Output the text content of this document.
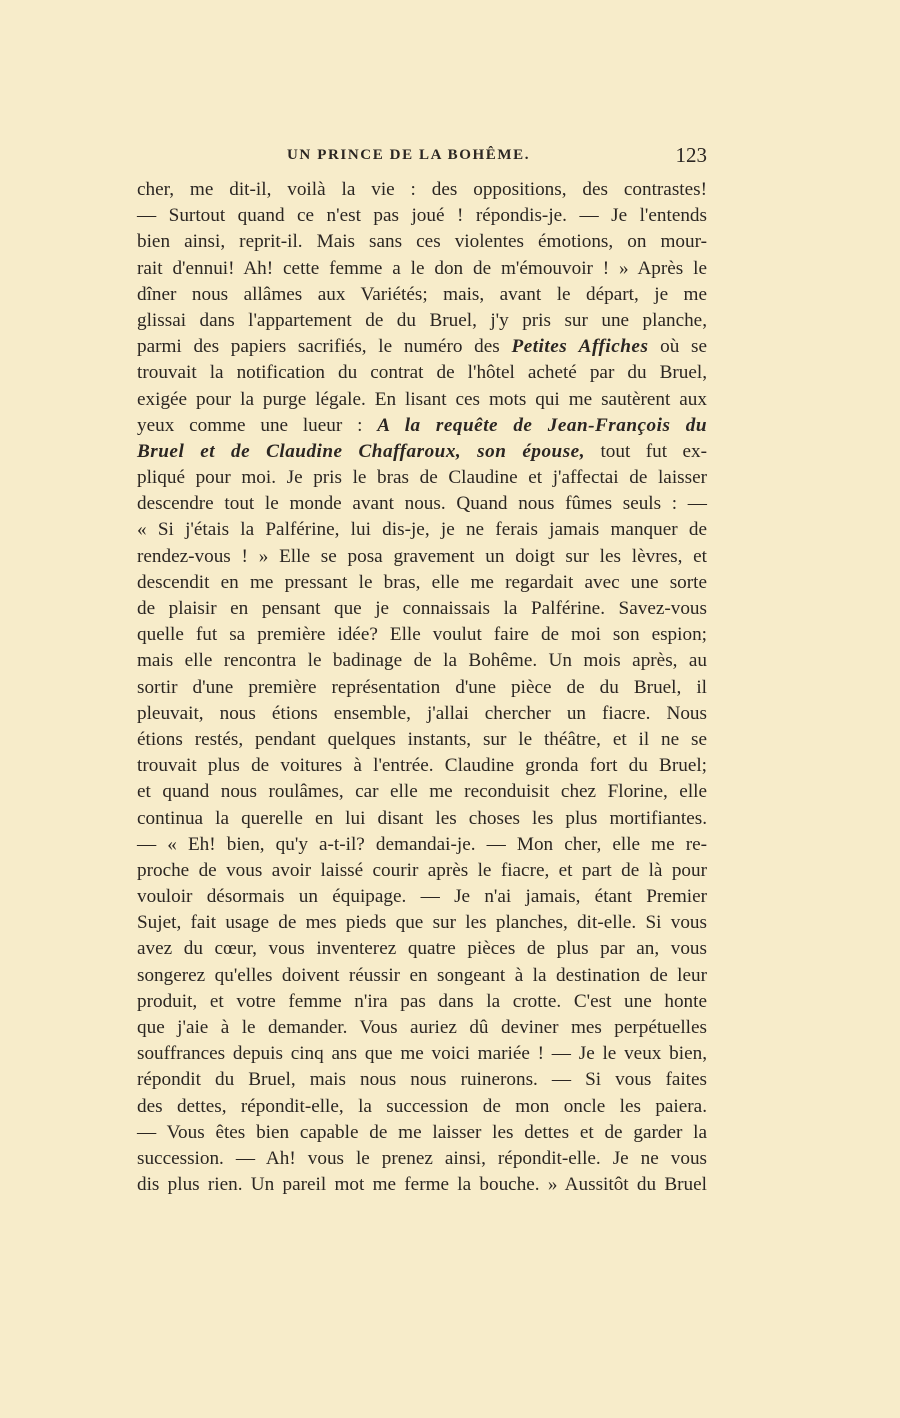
UN PRINCE DE LA BOHÊME.	123
cher, me dit-il, voilà la vie : des oppositions, des contrastes!
— Surtout quand ce n'est pas joué ! répondis-je. — Je l'entends
bien ainsi, reprit-il. Mais sans ces violentes émotions, on mour-
rait d'ennui! Ah! cette femme a le don de m'émouvoir ! » Après le
dîner nous allâmes aux Variétés; mais, avant le départ, je me
glissai dans l'appartement de du Bruel, j'y pris sur une planche,
parmi des papiers sacrifiés, le numéro des Petites Affiches où se
trouvait la notification du contrat de l'hôtel acheté par du Bruel,
exigée pour la purge légale. En lisant ces mots qui me sautèrent aux
yeux comme une lueur : A la requête de Jean-François du
Bruel et de Claudine Chaffaroux, son épouse, tout fut ex-
pliqué pour moi. Je pris le bras de Claudine et j'affectai de laisser
descendre tout le monde avant nous. Quand nous fûmes seuls : —
« Si j'étais la Palférine, lui dis-je, je ne ferais jamais manquer de
rendez-vous ! » Elle se posa gravement un doigt sur les lèvres, et
descendit en me pressant le bras, elle me regardait avec une sorte
de plaisir en pensant que je connaissais la Palférine. Savez-vous
quelle fut sa première idée? Elle voulut faire de moi son espion;
mais elle rencontra le badinage de la Bohême. Un mois après, au
sortir d'une première représentation d'une pièce de du Bruel, il
pleuvait, nous étions ensemble, j'allai chercher un fiacre. Nous
étions restés, pendant quelques instants, sur le théâtre, et il ne se
trouvait plus de voitures à l'entrée. Claudine gronda fort du Bruel;
et quand nous roulâmes, car elle me reconduisit chez Florine, elle
continua la querelle en lui disant les choses les plus mortifiantes.
— « Eh! bien, qu'y a-t-il? demandai-je. — Mon cher, elle me re-
proche de vous avoir laissé courir après le fiacre, et part de là pour
vouloir désormais un équipage. — Je n'ai jamais, étant Premier
Sujet, fait usage de mes pieds que sur les planches, dit-elle. Si vous
avez du cœur, vous inventerez quatre pièces de plus par an, vous
songerez qu'elles doivent réussir en songeant à la destination de leur
produit, et votre femme n'ira pas dans la crotte. C'est une honte
que j'aie à le demander. Vous auriez dû deviner mes perpétuelles
souffrances depuis cinq ans que me voici mariée ! — Je le veux bien,
répondit du Bruel, mais nous nous ruinerons. — Si vous faites
des dettes, répondit-elle, la succession de mon oncle les paiera.
— Vous êtes bien capable de me laisser les dettes et de garder la
succession. — Ah! vous le prenez ainsi, répondit-elle. Je ne vous
dis plus rien. Un pareil mot me ferme la bouche. » Aussitôt du Bruel
